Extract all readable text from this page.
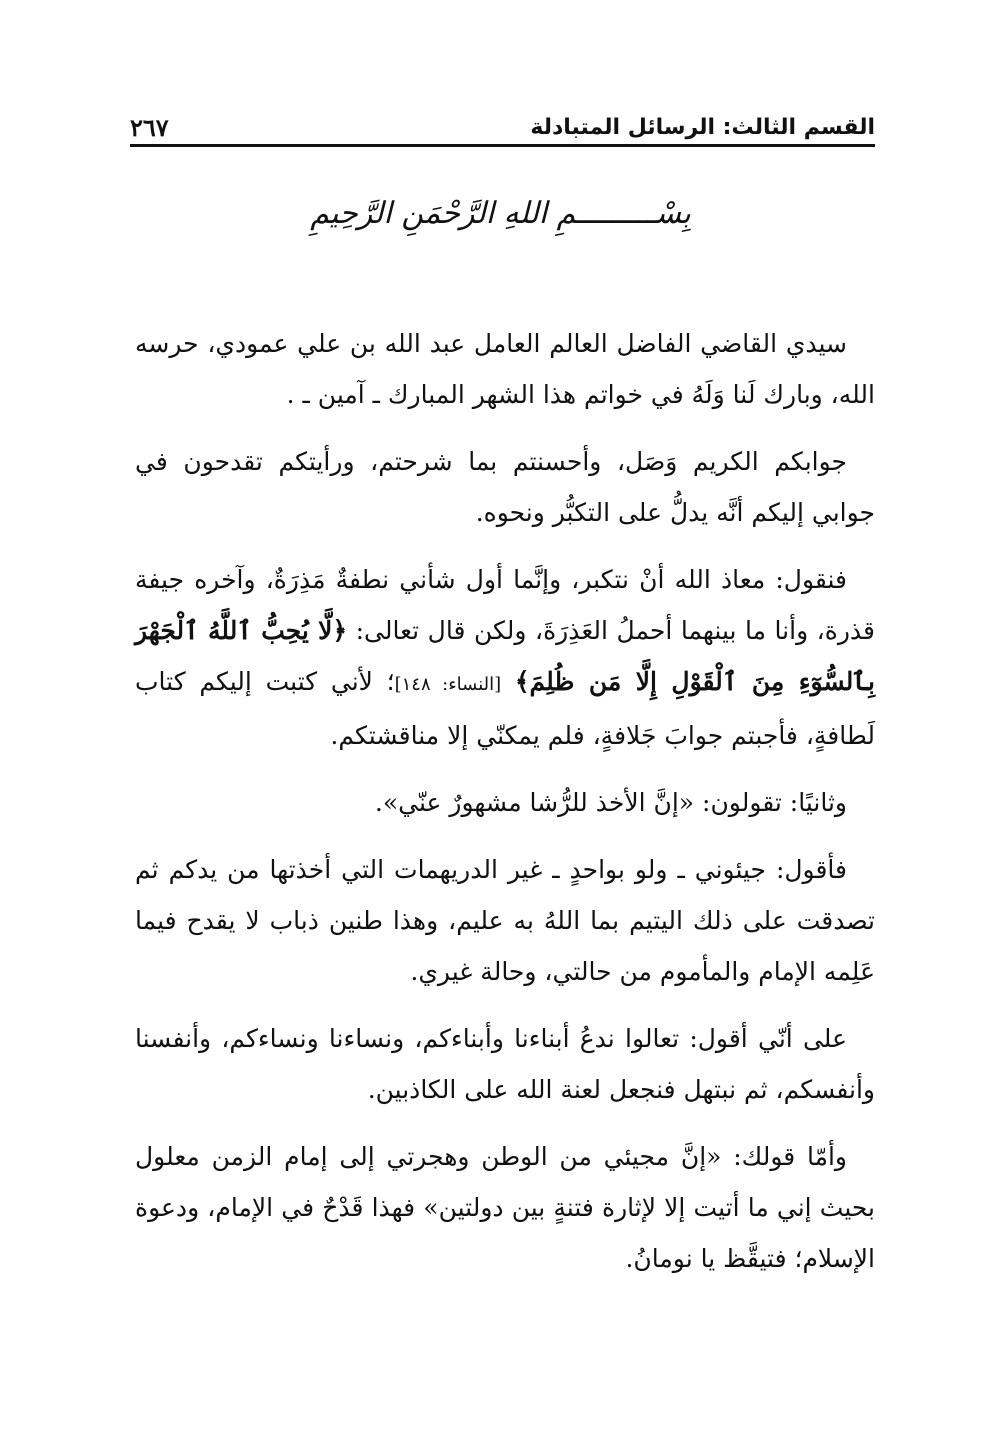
القسم الثالث: الرسائل المتبادلة
٢٦٧
بِسْـــــــــمِ اللهِ الرَّحْمَنِ الرَّحِيمِ

سيدي القاضي الفاضل العالم العامل عبد الله بن علي عمودي، حرسه الله، وبارك لَنا وَلَهُ في خواتم هذا الشهر المبارك ـ آمين ـ .

جوابكم الكريم وَصَل، وأحسنتم بما شرحتم، ورأيتكم تقدحون في جوابي إليكم أنَّه يدلُّ على التكبُّر ونحوه.

فنقول: معاذ الله أنْ نتكبر، وإنَّما أول شأني نطفةٌ مَذِرَةٌ، وآخره جيفة قذرة، وأنا ما بينهما أحملُ العَذِرَةَ، ولكن قال تعالى: ﴿لَّا يُحِبُّ ٱللَّهُ ٱلْجَهْرَ بِٱلسُّوٓءِ مِنَ ٱلْقَوْلِ إِلَّا مَن ظُلِمَ﴾ [النساء: ١٤٨]؛ لأني كتبت إليكم كتاب لَطافةٍ، فأجبتم جوابَ جَلافةٍ، فلم يمكنّي إلا مناقشتكم.

وثانيًا: تقولون: «إنَّ الأخذ للرُّشا مشهورٌ عنّي».

فأقول: جيئوني ـ ولو بواحدٍ ـ غير الدريهمات التي أخذتها من يدكم ثم تصدقت على ذلك اليتيم بما اللهُ به عليم، وهذا طنين ذباب لا يقدح فيما عَلِمه الإمام والمأموم من حالتي، وحالة غيري.

على أنّي أقول: تعالوا ندعُ أبناءنا وأبناءكم، ونساءنا ونساءكم، وأنفسنا وأنفسكم، ثم نبتهل فنجعل لعنة الله على الكاذبين.

وأمّا قولك: «إنَّ مجيئي من الوطن وهجرتي إلى إمام الزمن معلول بحيث إني ما أتيت إلا لإثارة فتنةٍ بين دولتين» فهذا قَدْحٌ في الإمام، ودعوة الإسلام؛ فتيقَّظ يا نومانُ.
